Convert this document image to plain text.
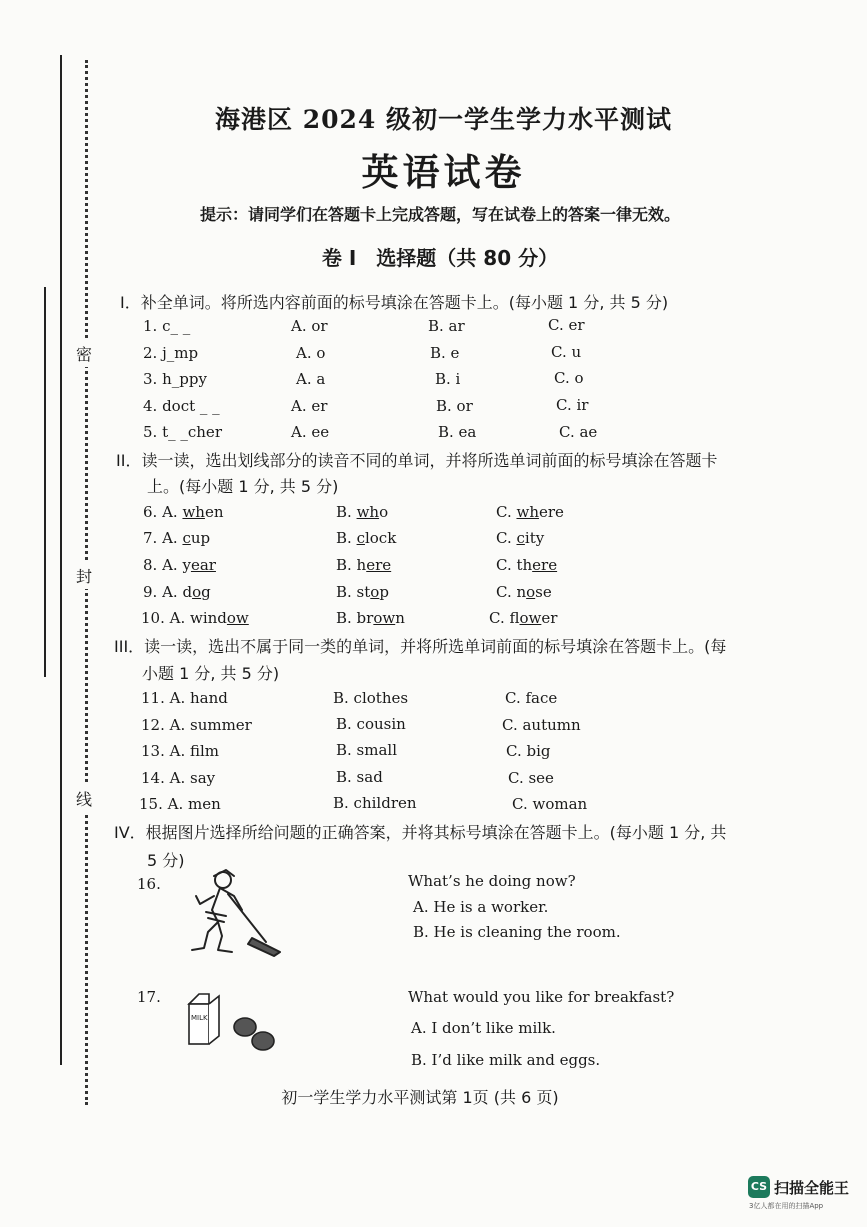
密
封
线
海港区 2024 级初一学生学力水平测试
英语试卷
提示：请同学们在答题卡上完成答题，写在试卷上的答案一律无效。
卷 I　选择题（共 80 分）
I．补全单词。将所选内容前面的标号填涂在答题卡上。(每小题 1 分, 共 5 分)
1. c_ _	A. or	B. ar	C. er
2. j_mp	A. o	B. e	C. u
3. h_ppy	A. a	B. i	C. o
4. doct _ _	A. er	B. or	C. ir
5. t_ _cher	A. ee	B. ea	C. ae
II．读一读，选出划线部分的读音不同的单词，并将所选单词前面的标号填涂在答题卡
上。(每小题 1 分, 共 5 分)
6. A. when	B. who	C. where
7. A. cup	B. clock	C. city
8. A. year	B. here	C. there
9. A. dog	B. stop	C. nose
10. A. window	B. brown	C. flower
III．读一读，选出不属于同一类的单词，并将所选单词前面的标号填涂在答题卡上。(每
小题 1 分, 共 5 分)
11. A. hand	B. clothes	C. face
12. A. summer	B. cousin	C. autumn
13. A. film	B. small	C. big
14. A. say	B. sad	C. see
15. A. men	B. children	C. woman
IV．根据图片选择所给问题的正确答案，并将其标号填涂在答题卡上。(每小题 1 分, 共
5 分)
16.	What’s he doing now?
A. He is a worker.
B. He is cleaning the room.
17.
MILK
What would you like for breakfast?
A. I don’t like milk.
B. I’d like milk and eggs.
初一学生学力水平测试第 1页 (共 6 页)
CS 扫描全能王
3亿人都在用的扫描App
